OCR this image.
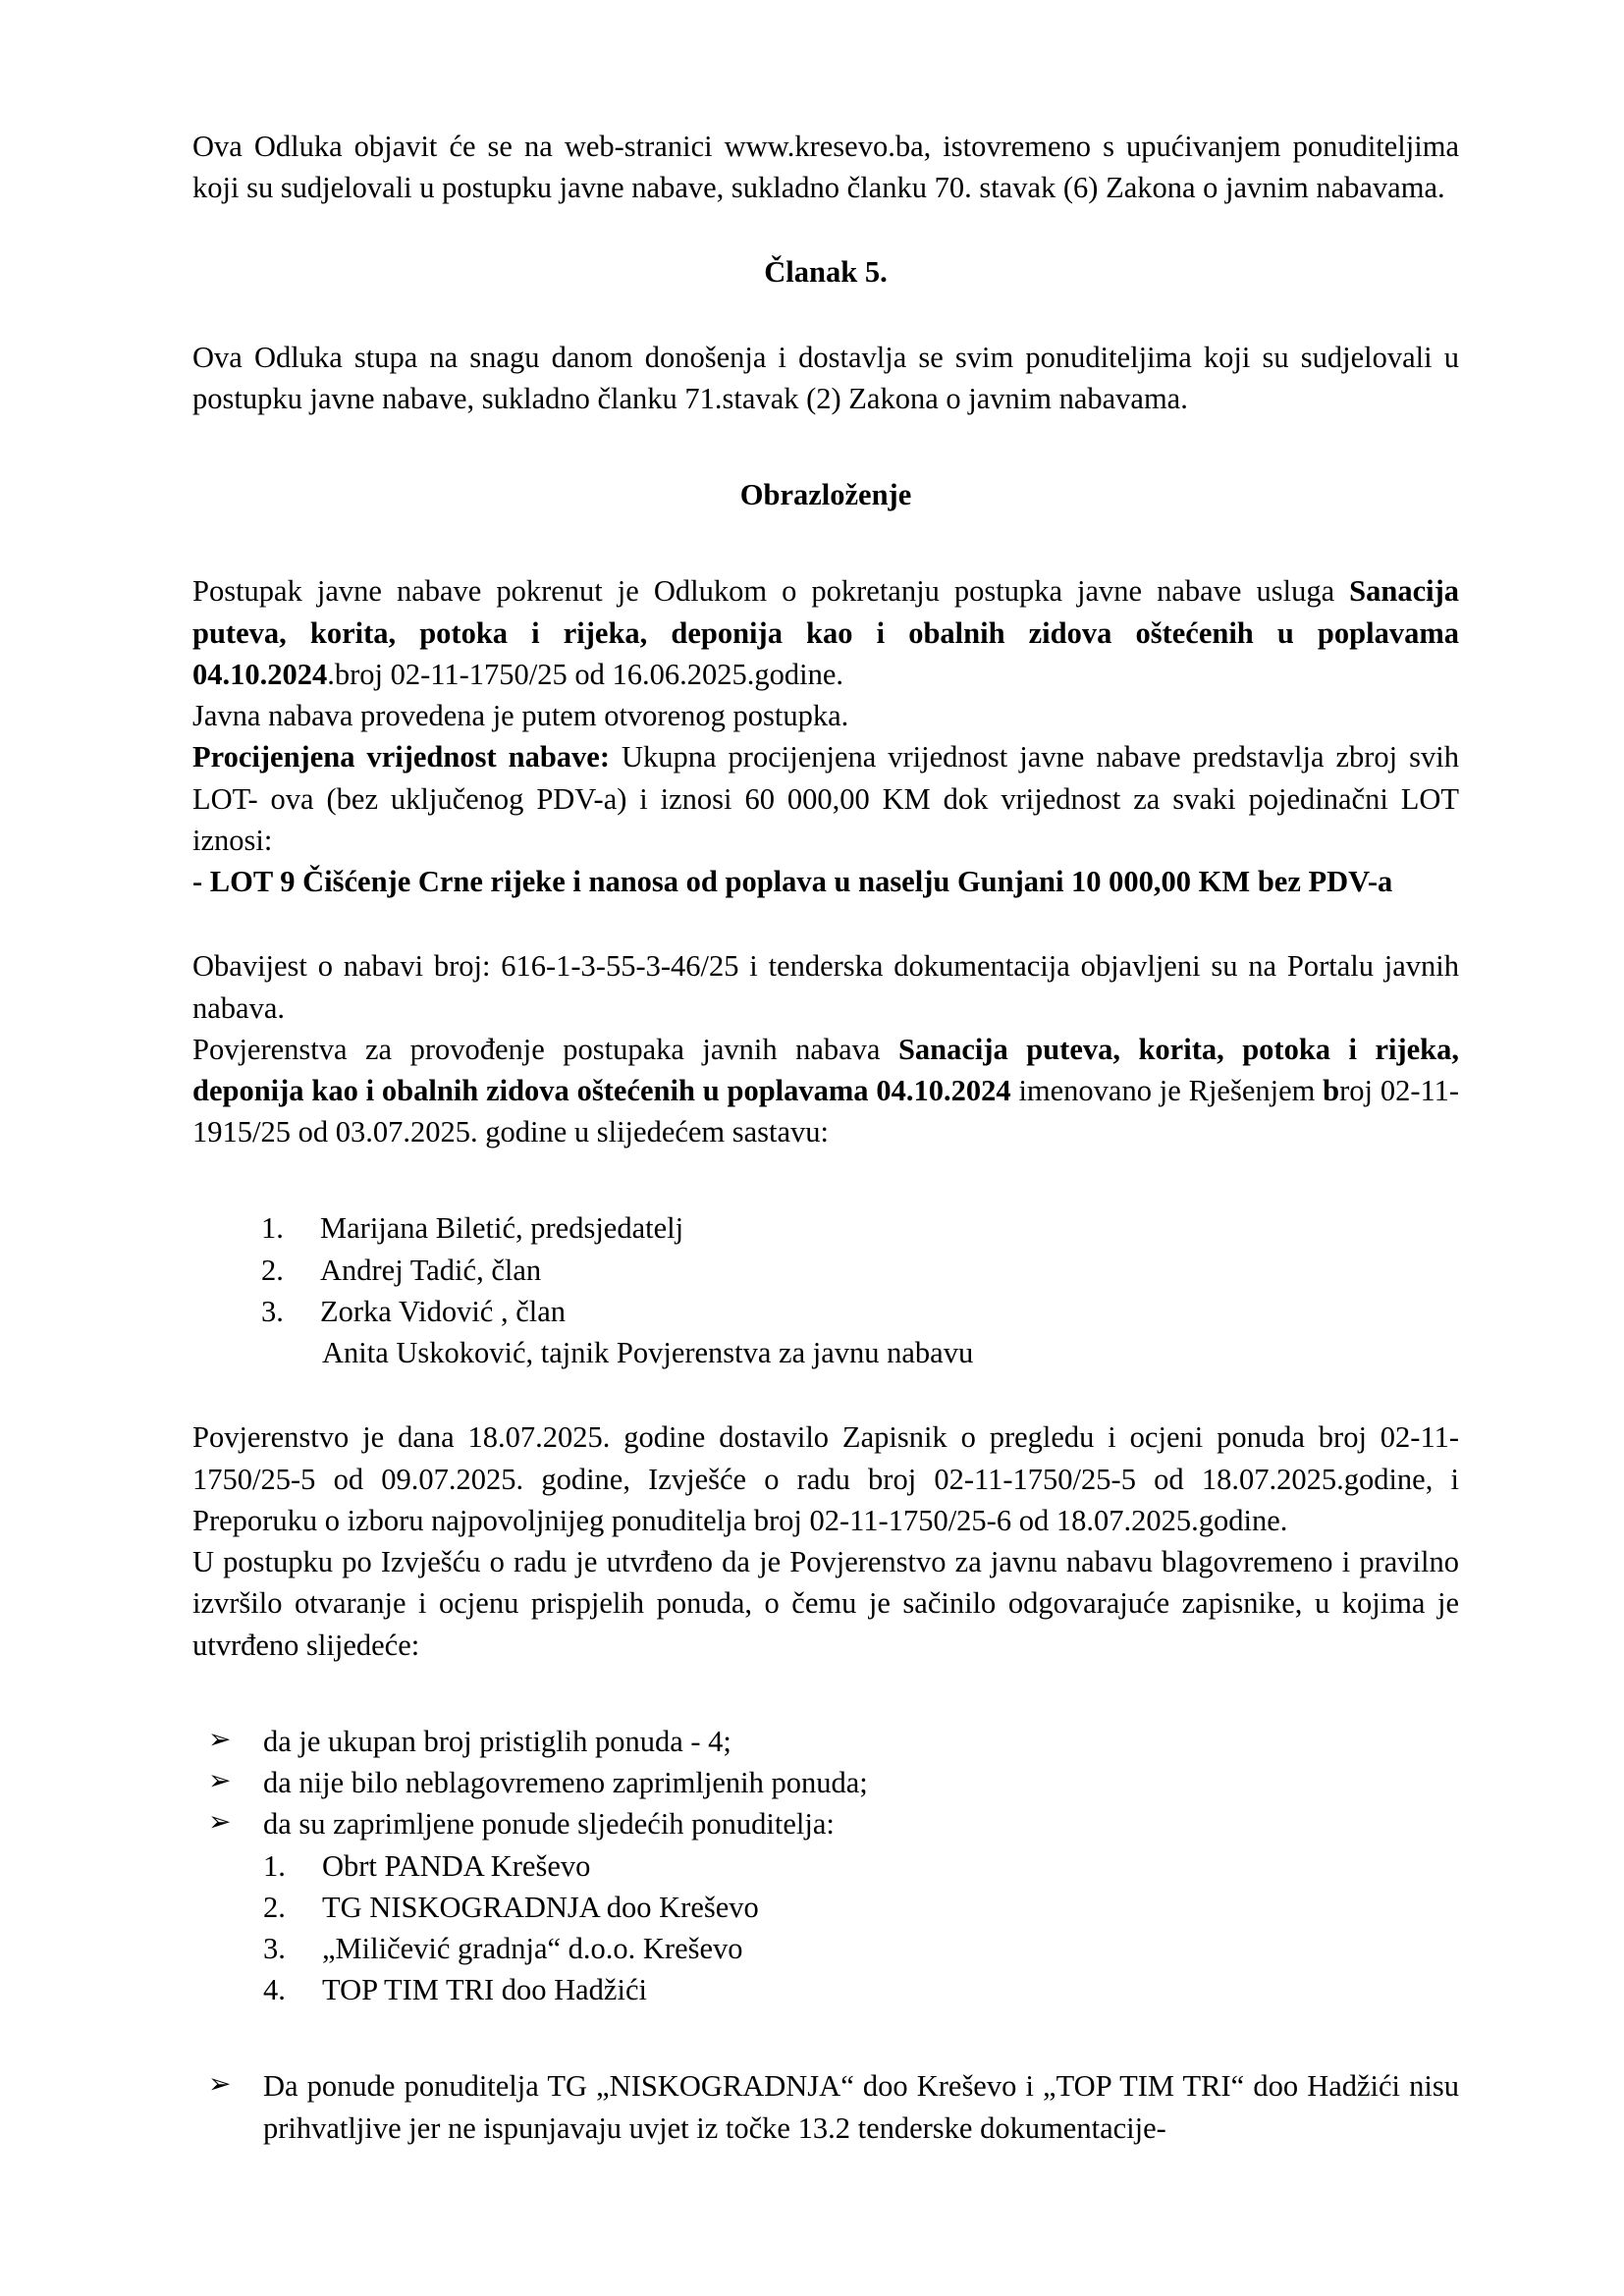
Ova Odluka objavit će se na web-stranici www.kresevo.ba, istovremeno s upućivanjem ponuditeljima koji su sudjelovali u postupku javne nabave, sukladno članku 70. stavak (6) Zakona o javnim nabavama.

Članak 5.

Ova Odluka stupa na snagu danom donošenja i dostavlja se svim ponuditeljima koji su sudjelovali u postupku javne nabave, sukladno članku 71.stavak (2) Zakona o javnim nabavama.

Obrazloženje

Postupak javne nabave pokrenut je Odlukom o pokretanju postupka javne nabave usluga Sanacija puteva, korita, potoka i rijeka, deponija kao i obalnih zidova oštećenih u poplavama 04.10.2024.broj 02-11-1750/25 od 16.06.2025.godine.

Javna nabava provedena je putem otvorenog postupka.

Procijenjena vrijednost nabave: Ukupna procijenjena vrijednost javne nabave predstavlja zbroj svih LOT- ova (bez uključenog PDV-a) i iznosi 60 000,00 KM dok vrijednost za svaki pojedinačni LOT iznosi:

- LOT 9 Čišćenje Crne rijeke i nanosa od poplava u naselju Gunjani 10 000,00 KM bez PDV-a

Obavijest o nabavi broj: 616-1-3-55-3-46/25 i tenderska dokumentacija objavljeni su na Portalu javnih nabava.

Povjerenstva za provođenje postupaka javnih nabava Sanacija puteva, korita, potoka i rijeka, deponija kao i obalnih zidova oštećenih u poplavama 04.10.2024 imenovano je Rješenjem broj 02-11-1915/25 od 03.07.2025. godine u slijedećem sastavu:

1.	Marijana Biletić, predsjedatelj
2.	Andrej Tadić, član
3.	Zorka Vidović , član

Anita Uskoković, tajnik Povjerenstva za javnu nabavu

Povjerenstvo je dana 18.07.2025. godine dostavilo Zapisnik o pregledu i ocjeni ponuda broj 02-11-1750/25-5 od 09.07.2025. godine, Izvješće o radu broj 02-11-1750/25-5 od 18.07.2025.godine, i Preporuku o izboru najpovoljnijeg ponuditelja broj 02-11-1750/25-6 od 18.07.2025.godine.

U postupku po Izvješću o radu je utvrđeno da je Povjerenstvo za javnu nabavu blagovremeno i pravilno izvršilo otvaranje i ocjenu prispjelih ponuda, o čemu je sačinilo odgovarajuće zapisnike, u kojima je utvrđeno slijedeće:

➢ da je ukupan broj pristiglih ponuda - 4;
➢ da nije bilo neblagovremeno zaprimljenih ponuda;
➢ da su zaprimljene ponude sljedećih ponuditelja:
1.	Obrt PANDA Kreševo
2.	TG NISKOGRADNJA doo Kreševo
3.	„Miličević gradnja“ d.o.o. Kreševo
4.	TOP TIM TRI doo Hadžići

➢ Da ponude ponuditelja TG „NISKOGRADNJA“ doo Kreševo i „TOP TIM TRI“ doo Hadžići nisu prihvatljive jer ne ispunjavaju uvjet iz točke 13.2 tenderske dokumentacije-
